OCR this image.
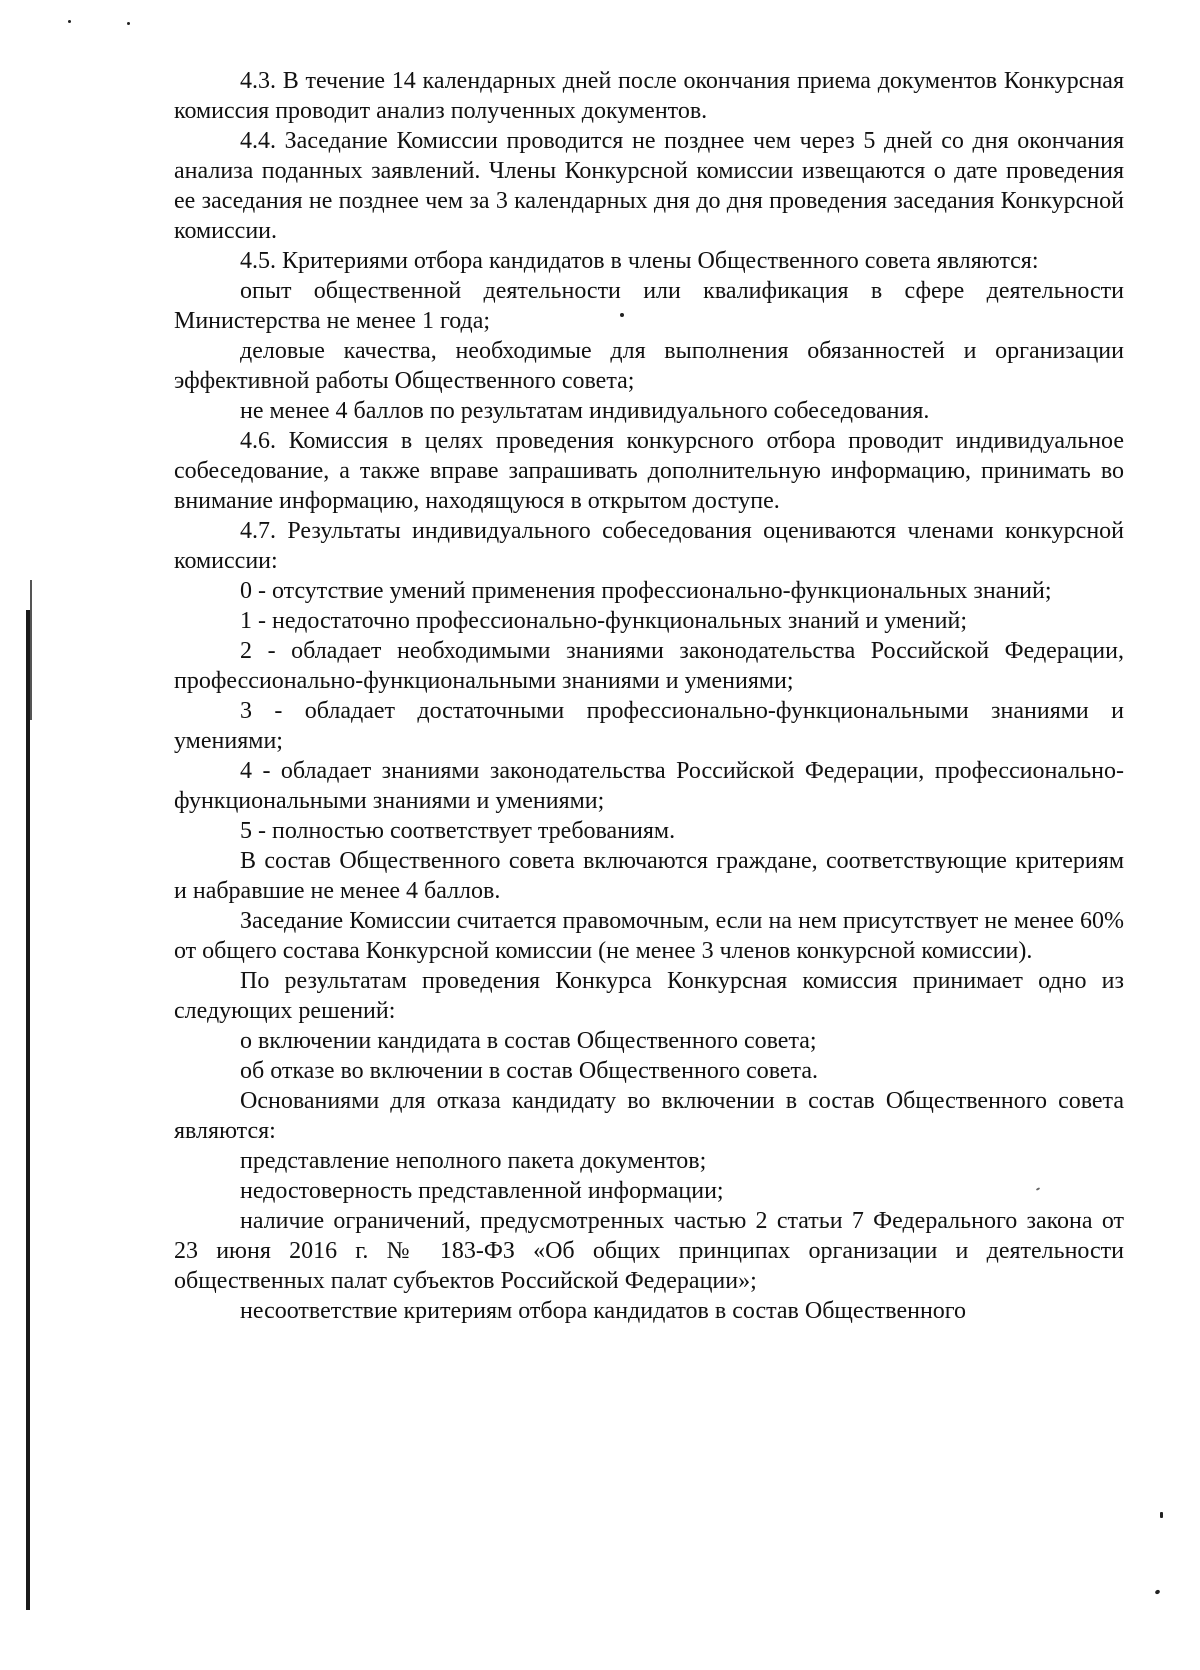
4.3. В течение 14 календарных дней после окончания приема документов Конкурсная комиссия проводит анализ полученных документов.

4.4. Заседание Комиссии проводится не позднее чем через 5 дней со дня окончания анализа поданных заявлений. Члены Конкурсной комиссии извещаются о дате проведения ее заседания не позднее чем за 3 календарных дня до дня проведения заседания Конкурсной комиссии.

4.5. Критериями отбора кандидатов в члены Общественного совета являются:

опыт общественной деятельности или квалификация в сфере деятельности Министерства не менее 1 года;

деловые качества, необходимые для выполнения обязанностей и организации эффективной работы Общественного совета;

не менее 4 баллов по результатам индивидуального собеседования.

4.6. Комиссия в целях проведения конкурсного отбора проводит индивидуальное собеседование, а также вправе запрашивать дополнительную информацию, принимать во внимание информацию, находящуюся в открытом доступе.

4.7. Результаты индивидуального собеседования оцениваются членами конкурсной комиссии:

0 - отсутствие умений применения профессионально-функциональных знаний;

1 - недостаточно профессионально-функциональных знаний и умений;

2 - обладает необходимыми знаниями законодательства Российской Федерации, профессионально-функциональными знаниями и умениями;

3 - обладает достаточными профессионально-функциональными знаниями и умениями;

4 - обладает знаниями законодательства Российской Федерации, профессионально-функциональными знаниями и умениями;

5 - полностью соответствует требованиям.

В состав Общественного совета включаются граждане, соответствующие критериям и набравшие не менее 4 баллов.

Заседание Комиссии считается правомочным, если на нем присутствует не менее 60% от общего состава Конкурсной комиссии (не менее 3 членов конкурсной комиссии).

По результатам проведения Конкурса Конкурсная комиссия принимает одно из следующих решений:

о включении кандидата в состав Общественного совета;

об отказе во включении в состав Общественного совета.

Основаниями для отказа кандидату во включении в состав Общественного совета являются:

представление неполного пакета документов;

недостоверность представленной информации;

наличие ограничений, предусмотренных частью 2 статьи 7 Федерального закона от 23 июня 2016 г. № 183-ФЗ «Об общих принципах организации и деятельности общественных палат субъектов Российской Федерации»;

несоответствие критериям отбора кандидатов в состав Общественного
